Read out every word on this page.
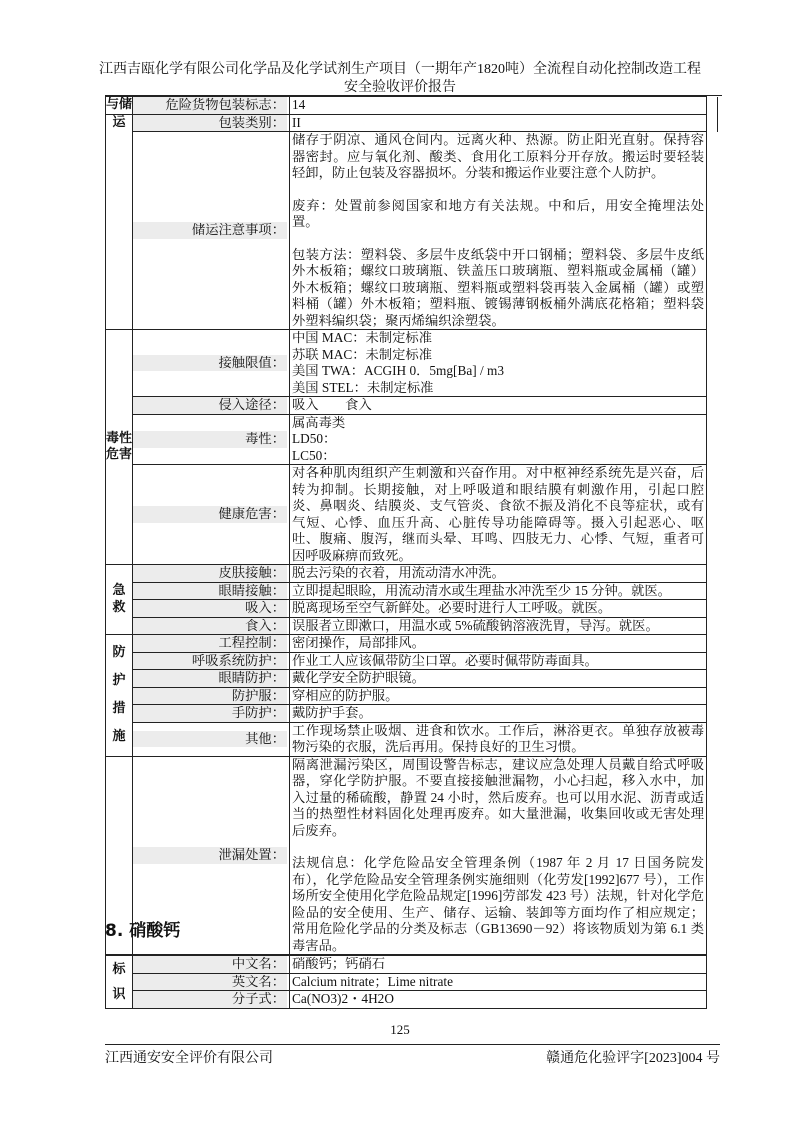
江西吉瓯化学有限公司化学品及化学试剂生产项目（一期年产1820吨）全流程自动化控制改造工程
安全验收评价报告
与储	危险货物包装标志：	14	
运	包装类别：	II	

	储运注意事项：	储存于阴凉、通风仓间内。远离火种、热源。防止阳光直射。保持容器密封。应与氧化剂、酸类、食用化工原料分开存放。搬运时要轻装轻卸，防止包装及容器损坏。分装和搬运作业要注意个人防护。

废弃：处置前参阅国家和地方有关法规。中和后，用安全掩埋法处置。

包装方法：塑料袋、多层牛皮纸袋中开口钢桶；塑料袋、多层牛皮纸外木板箱；螺纹口玻璃瓶、铁盖压口玻璃瓶、塑料瓶或金属桶（罐）外木板箱；螺纹口玻璃瓶、塑料瓶或塑料袋再装入金属桶（罐）或塑料桶（罐）外木板箱；塑料瓶、镀锡薄钢板桶外满底花格箱；塑料袋外塑料编织袋；聚丙烯编织涂塑袋。	

毒性危害	接触限值：	中国 MAC：未制定标准

苏联 MAC：未制定标准

美国 TWA：ACGIH 0．5mg[Ba] / m3

美国 STEL：未制定标准	

	侵入途径：	吸入　　食入	

	毒性：	属高毒类

LD50：

LC50：	

	健康危害：	对各种肌肉组织产生刺激和兴奋作用。对中枢神经系统先是兴奋，后转为抑制。长期接触，对上呼吸道和眼结膜有刺激作用，引起口腔炎、鼻咽炎、结膜炎、支气管炎、食欲不振及消化不良等症状，或有气短、心悸、血压升高、心脏传导功能障碍等。摄入引起恶心、呕吐、腹痛、腹泻，继而头晕、耳鸣、四肢无力、心悸、气短，重者可因呼吸麻痹而致死。	

急

救	皮肤接触：	脱去污染的衣着，用流动清水冲洗。	

	眼睛接触：	立即提起眼睑，用流动清水或生理盐水冲洗至少 15 分钟。就医。	

	吸入：	脱离现场至空气新鲜处。必要时进行人工呼吸。就医。	

	食入：	误服者立即漱口，用温水或 5%硫酸钠溶液洗胃，导泻。就医。	

防

护

措

施	工程控制：	密闭操作，局部排风。	

	呼吸系统防护：	作业工人应该佩带防尘口罩。必要时佩带防毒面具。	

	眼睛防护：	戴化学安全防护眼镜。	

	防护服：	穿相应的防护服。	

	手防护：	戴防护手套。	

	其他：	工作现场禁止吸烟、进食和饮水。工作后，淋浴更衣。单独存放被毒物污染的衣服，洗后再用。保持良好的卫生习惯。	

	泄漏处置：	隔离泄漏污染区，周围设警告标志，建议应急处理人员戴自给式呼吸器，穿化学防护服。不要直接接触泄漏物，小心扫起，移入水中，加入过量的稀硫酸，静置 24 小时，然后废弃。也可以用水泥、沥青或适当的热塑性材料固化处理再废弃。如大量泄漏，收集回收或无害处理后废弃。

法规信息：化学危险品安全管理条例（1987 年 2 月 17 日国务院发布），化学危险品安全管理条例实施细则（化劳发[1992]677 号），工作场所安全使用化学危险品规定[1996]劳部发 423 号）法规，针对化学危险品的安全使用、生产、储存、运输、装卸等方面均作了相应规定；常用危险化学品的分类及标志（GB13690－92）将该物质划为第 6.1 类毒害品。	

8. 硝酸钙

标

识	中文名：	硝酸钙；钙硝石

	英文名：	Calcium nitrate；Lime nitrate

	分子式：	Ca(NO3)2・4H2O
125
江西通安安全评价有限公司	赣通危化验评字[2023]004 号
